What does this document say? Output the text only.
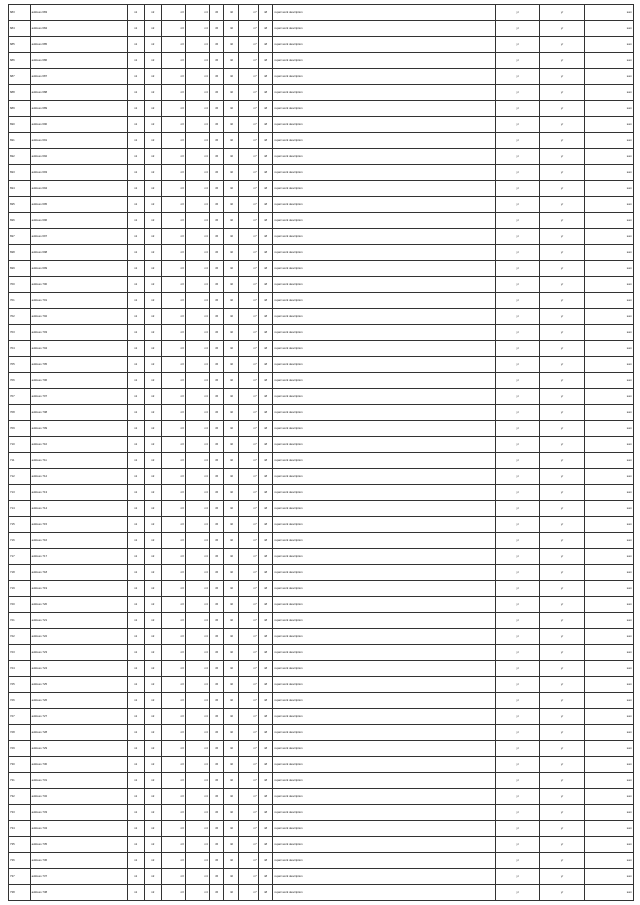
683	address 683	n1	n2	n3	n4	n5	n6	n7	n8	repair work description	yr	yr	sum
684	address 684	n1	n2	n3	n4	n5	n6	n7	n8	repair work description	yr	yr	sum
685	address 685	n1	n2	n3	n4	n5	n6	n7	n8	repair work description	yr	yr	sum
686	address 686	n1	n2	n3	n4	n5	n6	n7	n8	repair work description	yr	yr	sum
687	address 687	n1	n2	n3	n4	n5	n6	n7	n8	repair work description	yr	yr	sum
688	address 688	n1	n2	n3	n4	n5	n6	n7	n8	repair work description	yr	yr	sum
689	address 689	n1	n2	n3	n4	n5	n6	n7	n8	repair work description	yr	yr	sum
690	address 690	n1	n2	n3	n4	n5	n6	n7	n8	repair work description	yr	yr	sum
691	address 691	n1	n2	n3	n4	n5	n6	n7	n8	repair work description	yr	yr	sum
692	address 692	n1	n2	n3	n4	n5	n6	n7	n8	repair work description	yr	yr	sum
693	address 693	n1	n2	n3	n4	n5	n6	n7	n8	repair work description	yr	yr	sum
694	address 694	n1	n2	n3	n4	n5	n6	n7	n8	repair work description	yr	yr	sum
695	address 695	n1	n2	n3	n4	n5	n6	n7	n8	repair work description	yr	yr	sum
696	address 696	n1	n2	n3	n4	n5	n6	n7	n8	repair work description	yr	yr	sum
697	address 697	n1	n2	n3	n4	n5	n6	n7	n8	repair work description	yr	yr	sum
698	address 698	n1	n2	n3	n4	n5	n6	n7	n8	repair work description	yr	yr	sum
699	address 699	n1	n2	n3	n4	n5	n6	n7	n8	repair work description	yr	yr	sum
700	address 700	n1	n2	n3	n4	n5	n6	n7	n8	repair work description	yr	yr	sum
701	address 701	n1	n2	n3	n4	n5	n6	n7	n8	repair work description	yr	yr	sum
702	address 702	n1	n2	n3	n4	n5	n6	n7	n8	repair work description	yr	yr	sum
703	address 703	n1	n2	n3	n4	n5	n6	n7	n8	repair work description	yr	yr	sum
704	address 704	n1	n2	n3	n4	n5	n6	n7	n8	repair work description	yr	yr	sum
705	address 705	n1	n2	n3	n4	n5	n6	n7	n8	repair work description	yr	yr	sum
706	address 706	n1	n2	n3	n4	n5	n6	n7	n8	repair work description	yr	yr	sum
707	address 707	n1	n2	n3	n4	n5	n6	n7	n8	repair work description	yr	yr	sum
708	address 708	n1	n2	n3	n4	n5	n6	n7	n8	repair work description	yr	yr	sum
709	address 709	n1	n2	n3	n4	n5	n6	n7	n8	repair work description	yr	yr	sum
710	address 710	n1	n2	n3	n4	n5	n6	n7	n8	repair work description	yr	yr	sum
711	address 711	n1	n2	n3	n4	n5	n6	n7	n8	repair work description	yr	yr	sum
712	address 712	n1	n2	n3	n4	n5	n6	n7	n8	repair work description	yr	yr	sum
713	address 713	n1	n2	n3	n4	n5	n6	n7	n8	repair work description	yr	yr	sum
714	address 714	n1	n2	n3	n4	n5	n6	n7	n8	repair work description	yr	yr	sum
715	address 715	n1	n2	n3	n4	n5	n6	n7	n8	repair work description	yr	yr	sum
716	address 716	n1	n2	n3	n4	n5	n6	n7	n8	repair work description	yr	yr	sum
717	address 717	n1	n2	n3	n4	n5	n6	n7	n8	repair work description	yr	yr	sum
718	address 718	n1	n2	n3	n4	n5	n6	n7	n8	repair work description	yr	yr	sum
719	address 719	n1	n2	n3	n4	n5	n6	n7	n8	repair work description	yr	yr	sum
720	address 720	n1	n2	n3	n4	n5	n6	n7	n8	repair work description	yr	yr	sum
721	address 721	n1	n2	n3	n4	n5	n6	n7	n8	repair work description	yr	yr	sum
722	address 722	n1	n2	n3	n4	n5	n6	n7	n8	repair work description	yr	yr	sum
723	address 723	n1	n2	n3	n4	n5	n6	n7	n8	repair work description	yr	yr	sum
724	address 724	n1	n2	n3	n4	n5	n6	n7	n8	repair work description	yr	yr	sum
725	address 725	n1	n2	n3	n4	n5	n6	n7	n8	repair work description	yr	yr	sum
726	address 726	n1	n2	n3	n4	n5	n6	n7	n8	repair work description	yr	yr	sum
727	address 727	n1	n2	n3	n4	n5	n6	n7	n8	repair work description	yr	yr	sum
728	address 728	n1	n2	n3	n4	n5	n6	n7	n8	repair work description	yr	yr	sum
729	address 729	n1	n2	n3	n4	n5	n6	n7	n8	repair work description	yr	yr	sum
730	address 730	n1	n2	n3	n4	n5	n6	n7	n8	repair work description	yr	yr	sum
731	address 731	n1	n2	n3	n4	n5	n6	n7	n8	repair work description	yr	yr	sum
732	address 732	n1	n2	n3	n4	n5	n6	n7	n8	repair work description	yr	yr	sum
733	address 733	n1	n2	n3	n4	n5	n6	n7	n8	repair work description	yr	yr	sum
734	address 734	n1	n2	n3	n4	n5	n6	n7	n8	repair work description	yr	yr	sum
735	address 735	n1	n2	n3	n4	n5	n6	n7	n8	repair work description	yr	yr	sum
736	address 736	n1	n2	n3	n4	n5	n6	n7	n8	repair work description	yr	yr	sum
737	address 737	n1	n2	n3	n4	n5	n6	n7	n8	repair work description	yr	yr	sum
738	address 738	n1	n2	n3	n4	n5	n6	n7	n8	repair work description	yr	yr	sum
